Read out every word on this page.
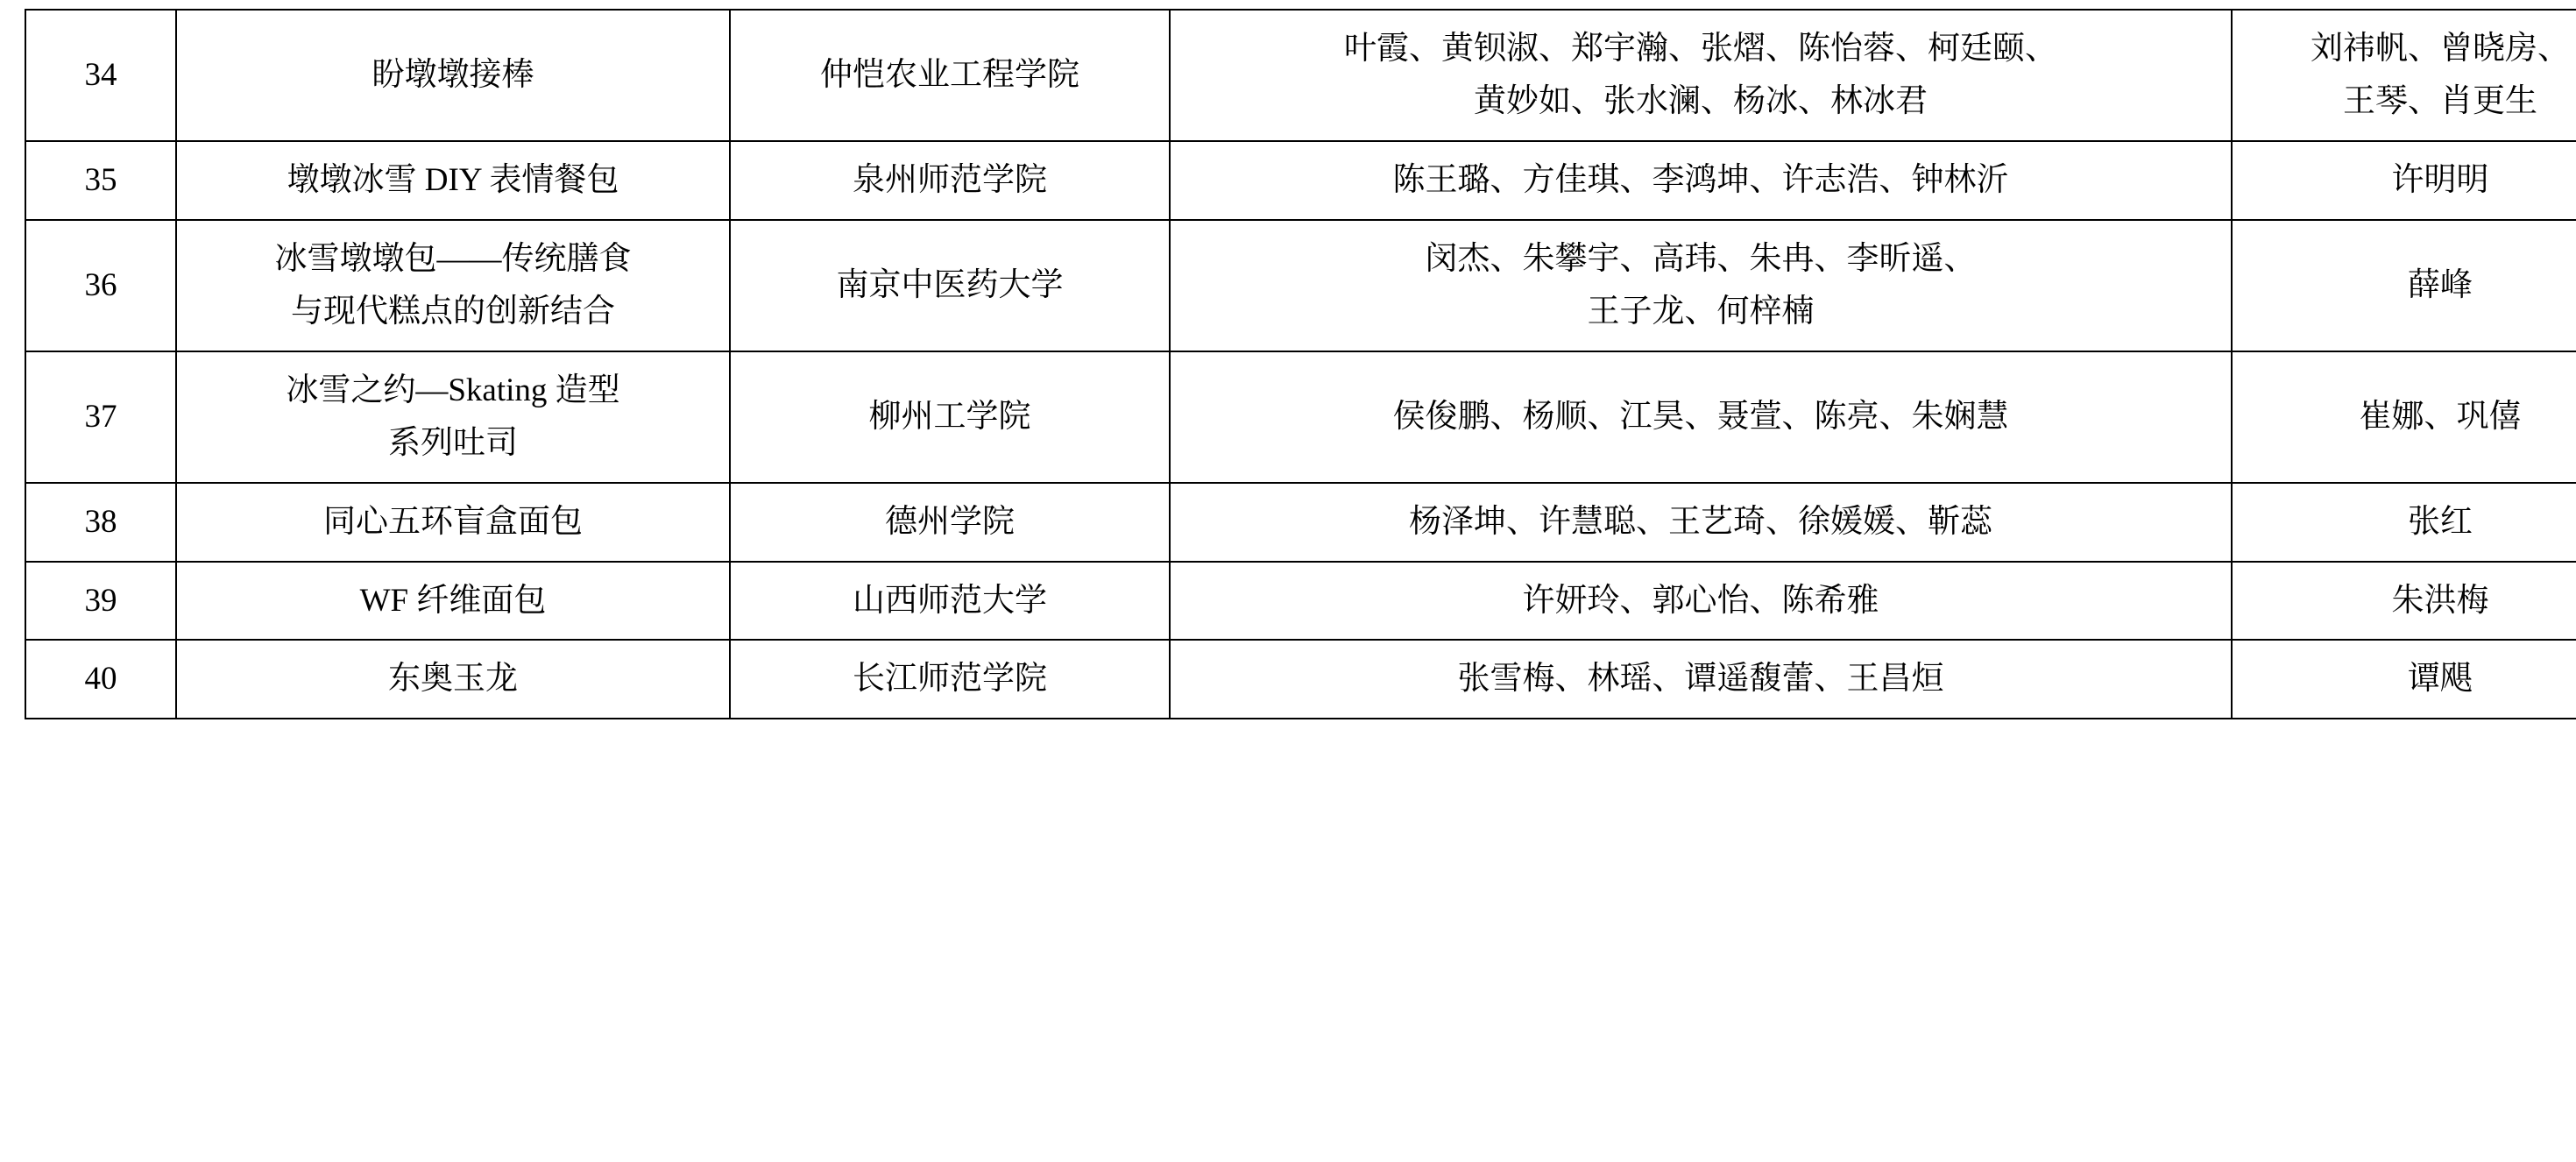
34	盼墩墩接棒	仲恺农业工程学院	叶霞、黄钡淑、郑宇瀚、张熠、陈怡蓉、柯廷颐、
黄妙如、张水澜、杨冰、林冰君	刘祎帆、曾晓房、
王琴、肖更生

35	墩墩冰雪 DIY 表情餐包	泉州师范学院	陈王璐、方佳琪、李鸿坤、许志浩、钟林沂	许明明

36	冰雪墩墩包——传统膳食
与现代糕点的创新结合	南京中医药大学	闵杰、朱攀宇、高玮、朱冉、李昕遥、
王子龙、何梓楠	薛峰

37	冰雪之约—Skating 造型
系列吐司	柳州工学院	侯俊鹏、杨顺、江昊、聂萱、陈亮、朱娴慧	崔娜、巩僖

38	同心五环盲盒面包	德州学院	杨泽坤、许慧聪、王艺琦、徐媛媛、靳蕊	张红

39	WF 纤维面包	山西师范大学	许妍玲、郭心怡、陈希雅	朱洪梅

40	东奥玉龙	长江师范学院	张雪梅、林瑶、谭遥馥蕾、王昌烜	谭飓
